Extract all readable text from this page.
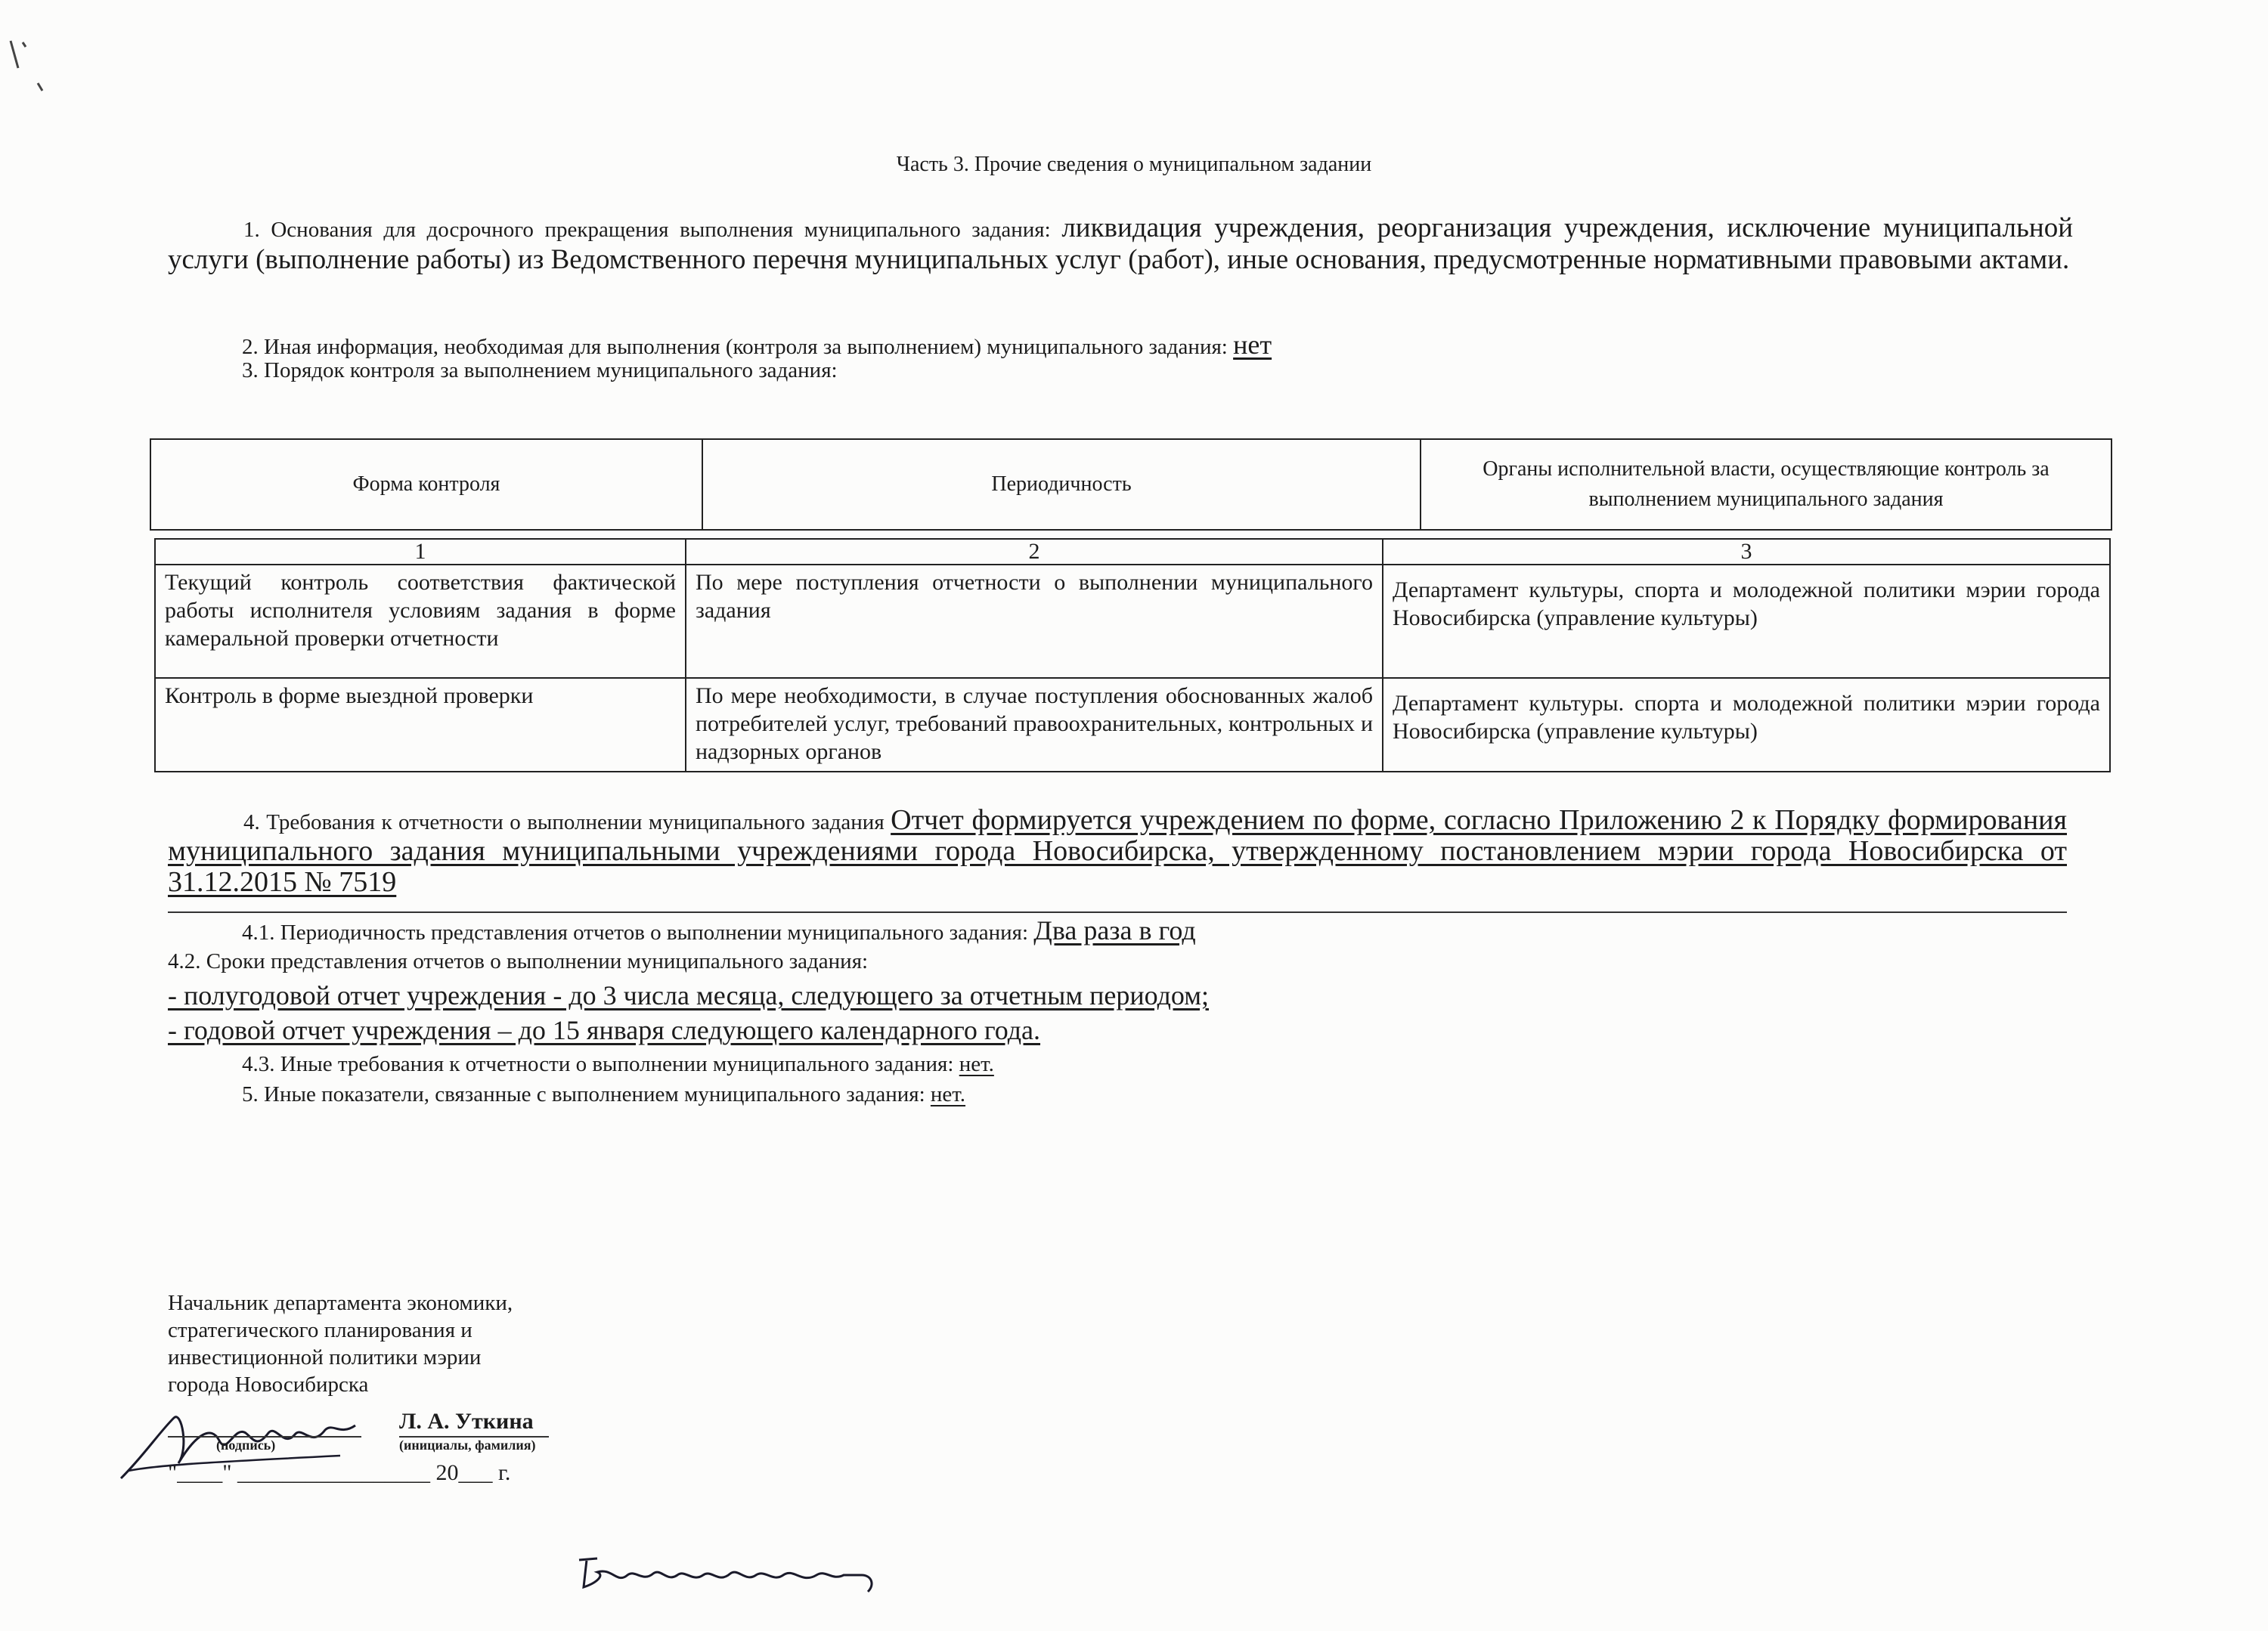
Часть 3. Прочие сведения о муниципальном задании
1. Основания для досрочного прекращения выполнения муниципального задания: ликвидация учреждения, реорганизация учреждения, исключение муниципальной услуги (выполнение работы) из Ведомственного перечня муниципальных услуг (работ), иные основания, предусмотренные нормативными правовыми актами.
2. Иная информация, необходимая для выполнения (контроля за выполнением) муниципального задания: нет
3. Порядок контроля за выполнением муниципального задания:
Форма контроля	Периодичность	Органы исполнительной власти, осуществляющие контроль за выполнением муниципального задания
1	2	3
Текущий контроль соответствия фактической работы исполнителя условиям задания в форме камеральной проверки отчетности	По мере поступления отчетности о выполнении муниципального задания	Департамент культуры, спорта и молодежной политики мэрии города Новосибирска (управление культуры)
Контроль в форме выездной проверки	По мере необходимости, в случае поступления обоснованных жалоб потребителей услуг, требований правоохранительных, контрольных и надзорных органов	Департамент культуры. спорта и молодежной политики мэрии города Новосибирска (управление культуры)
4. Требования к отчетности о выполнении муниципального задания Отчет формируется учреждением по форме, согласно Приложению 2 к Порядку формирования муниципального задания муниципальными учреждениями города Новосибирска, утвержденному постановлением мэрии города Новосибирска от 31.12.2015 № 7519
4.1. Периодичность представления отчетов о выполнении муниципального задания: Два раза в год
4.2. Сроки представления отчетов о выполнении муниципального задания:
- полугодовой отчет учреждения - до 3 числа месяца, следующего за отчетным периодом;
- годовой отчет учреждения – до 15 января следующего календарного года.
4.3. Иные требования к отчетности о выполнении муниципального задания: нет.
5. Иные показатели, связанные с выполнением муниципального задания: нет.
Начальник департамента экономики,
стратегического планирования и
инвестиционной политики мэрии
города Новосибирска
Л. А. Уткина
(подпись)	(инициалы, фамилия)
"____" _________________ 20___ г.
